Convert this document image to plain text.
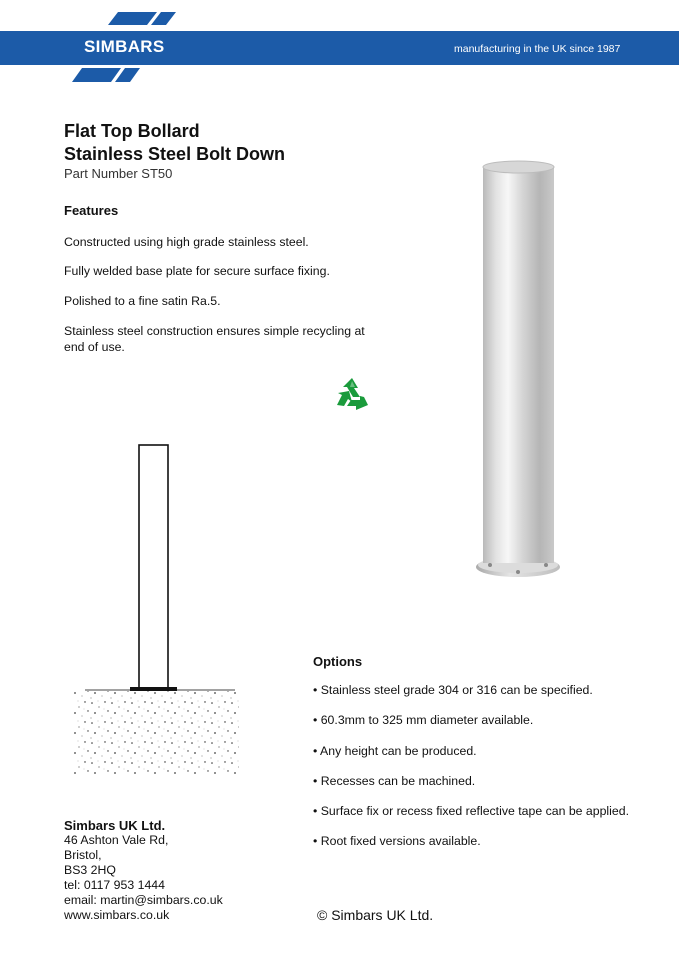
SIMBARS	manufacturing in the UK since 1987
Flat Top Bollard
Stainless Steel Bolt Down
Part Number ST50
Features
Constructed using high grade stainless steel.
Fully welded base plate for secure surface fixing.
Polished to a fine satin Ra.5.
Stainless steel construction ensures simple recycling at end of use.
Options
• Stainless steel grade 304 or 316 can be specified.
• 60.3mm to 325 mm diameter available.
• Any height can be produced.
• Recesses can be machined.
• Surface fix or recess fixed reflective tape can be applied.
• Root fixed versions available.
Simbars UK Ltd.
46 Ashton Vale Rd,
Bristol,
BS3 2HQ
tel: 0117 953 1444
email: martin@simbars.co.uk
www.simbars.co.uk	© Simbars UK Ltd.
